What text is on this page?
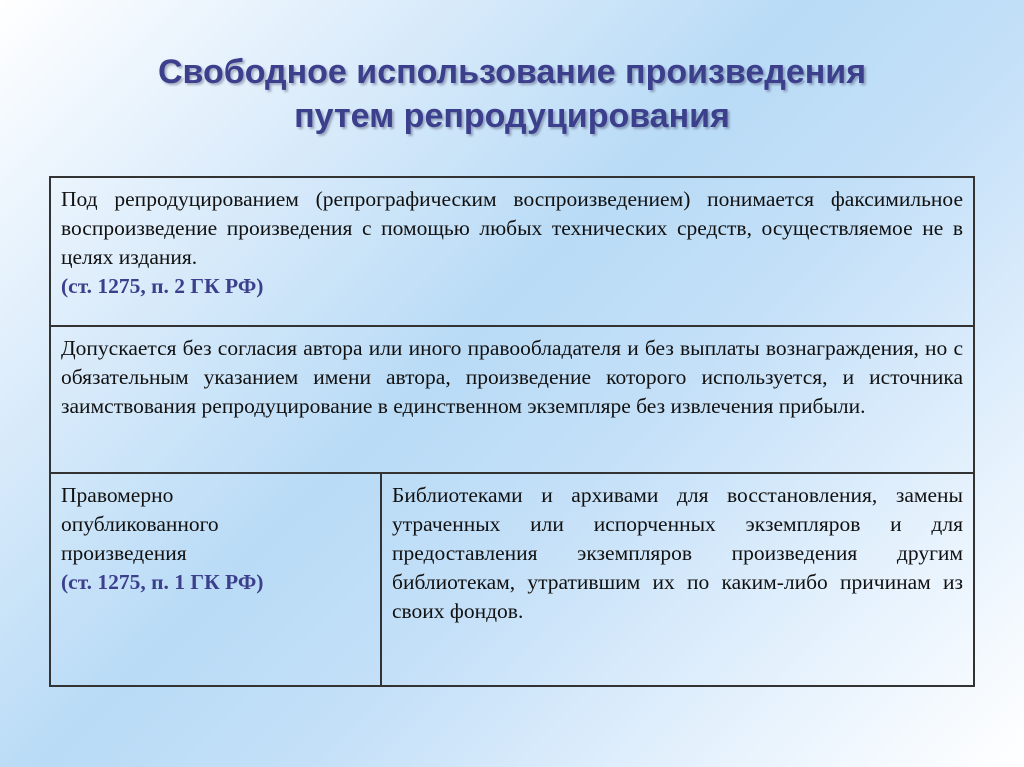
Свободное использование произведения
путем репродуцирования
Под репродуцированием (репрографическим воспроизведением) понимается факсимильное воспроизведение произведения с помощью любых технических средств, осуществляемое не в целях издания.
(ст. 1275, п. 2 ГК РФ)

Допускается без согласия автора или иного правообладателя и без выплаты вознаграждения, но с обязательным указанием имени автора, произведение которого используется, и источника заимствования репродуцирование в единственном экземпляре без извлечения прибыли.

Правомерно
опубликованного
произведения
(ст. 1275, п. 1 ГК РФ)
	Библиотеками и архивами для восстановления, замены утраченных или испорченных экземпляров и для предоставления экземпляров произведения другим библиотекам, утратившим их по каким-либо причинам из своих фондов.
